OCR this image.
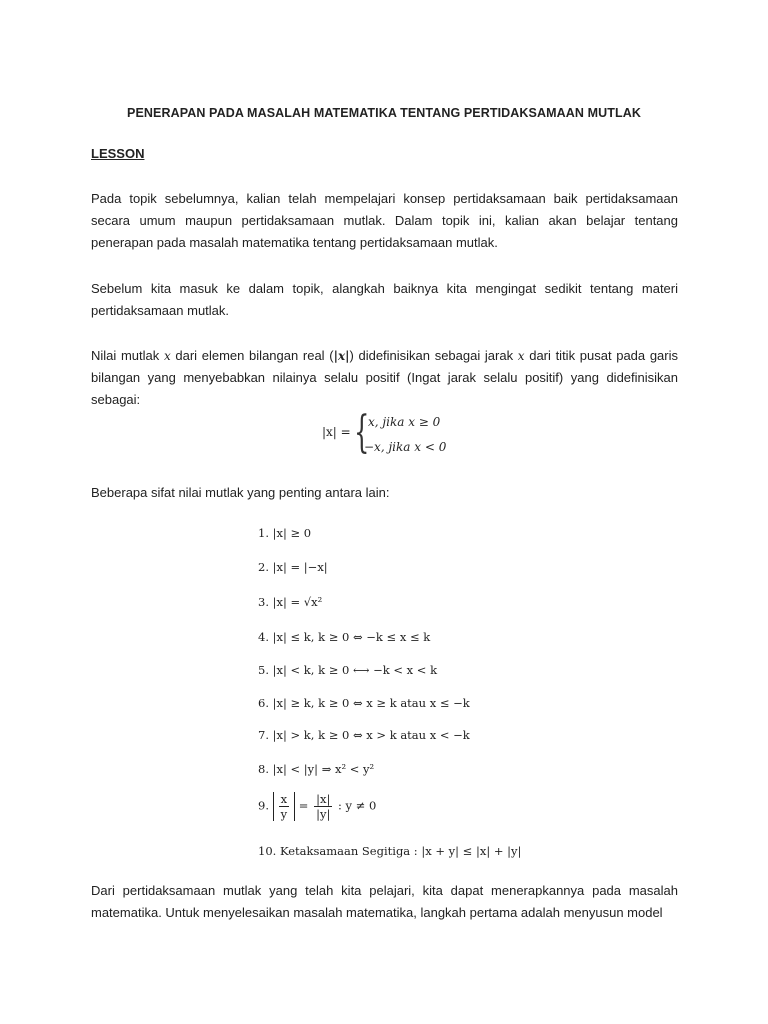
PENERAPAN PADA MASALAH MATEMATIKA TENTANG PERTIDAKSAMAAN MUTLAK
LESSON
Pada topik sebelumnya, kalian telah mempelajari konsep pertidaksamaan baik pertidaksamaan secara umum maupun pertidaksamaan mutlak. Dalam topik ini, kalian akan belajar tentang penerapan pada masalah matematika tentang pertidaksamaan mutlak.
Sebelum kita masuk ke dalam topik, alangkah baiknya kita mengingat sedikit tentang materi pertidaksamaan mutlak.
Nilai mutlak x dari elemen bilangan real (|x|) didefinisikan sebagai jarak x dari titik pusat pada garis bilangan yang menyebabkan nilainya selalu positif (Ingat jarak selalu positif) yang didefinisikan sebagai:
|x| = {
x, jika x ≥ 0
−x, jika x < 0
Beberapa sifat nilai mutlak yang penting antara lain:
1. |x| ≥ 0
2. |x| = |−x|
3. |x| = √x²
4. |x| ≤ k, k ≥ 0 ⇔ −k ≤ x ≤ k
5. |x| < k, k ≥ 0 ⟷ −k < x < k
6. |x| ≥ k, k ≥ 0 ⇔ x ≥ k atau x ≤ −k
7. |x| > k, k ≥ 0 ⇔ x > k atau x < −k
8. |x| < |y| ⇒ x² < y²
9. $\frac{x}{y} = \frac{|x|}{|y|}$ : y ≠ 0
10. Ketaksamaan Segitiga : |x + y| ≤ |x| + |y|
Dari pertidaksamaan mutlak yang telah kita pelajari, kita dapat menerapkannya pada masalah matematika. Untuk menyelesaikan masalah matematika, langkah pertama adalah menyusun model
